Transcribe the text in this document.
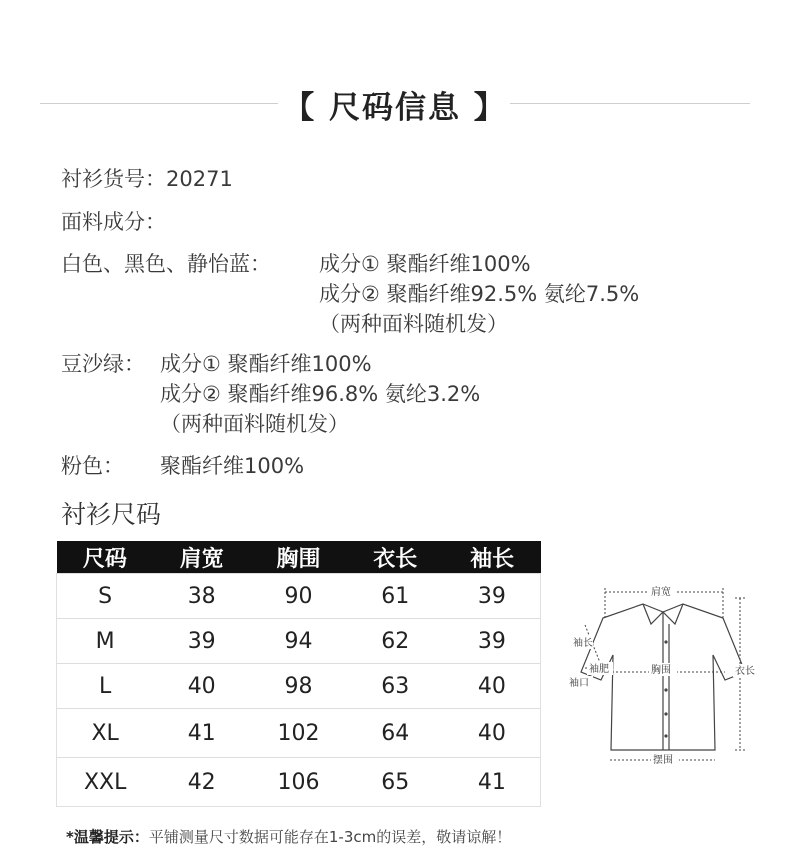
【 尺码信息 】
衬衫货号：20271
面料成分：
白色、黑色、静怡蓝： 成分① 聚酯纤维100%
成分② 聚酯纤维92.5% 氨纶7.5%
（两种面料随机发）
豆沙绿： 成分① 聚酯纤维100%
成分② 聚酯纤维96.8% 氨纶3.2%
（两种面料随机发）
粉色： 聚酯纤维100%
衬衫尺码
尺码	肩宽	胸围	衣长	袖长
S	38	90	61	39
M	39	94	62	39
L	40	98	63	40
XL	41	102	64	40
XXL	42	106	65	41
肩宽
袖长
袖肥	胸围
袖口
衣长
摆围
*温馨提示：平铺测量尺寸数据可能存在1-3cm的误差，敬请谅解！
